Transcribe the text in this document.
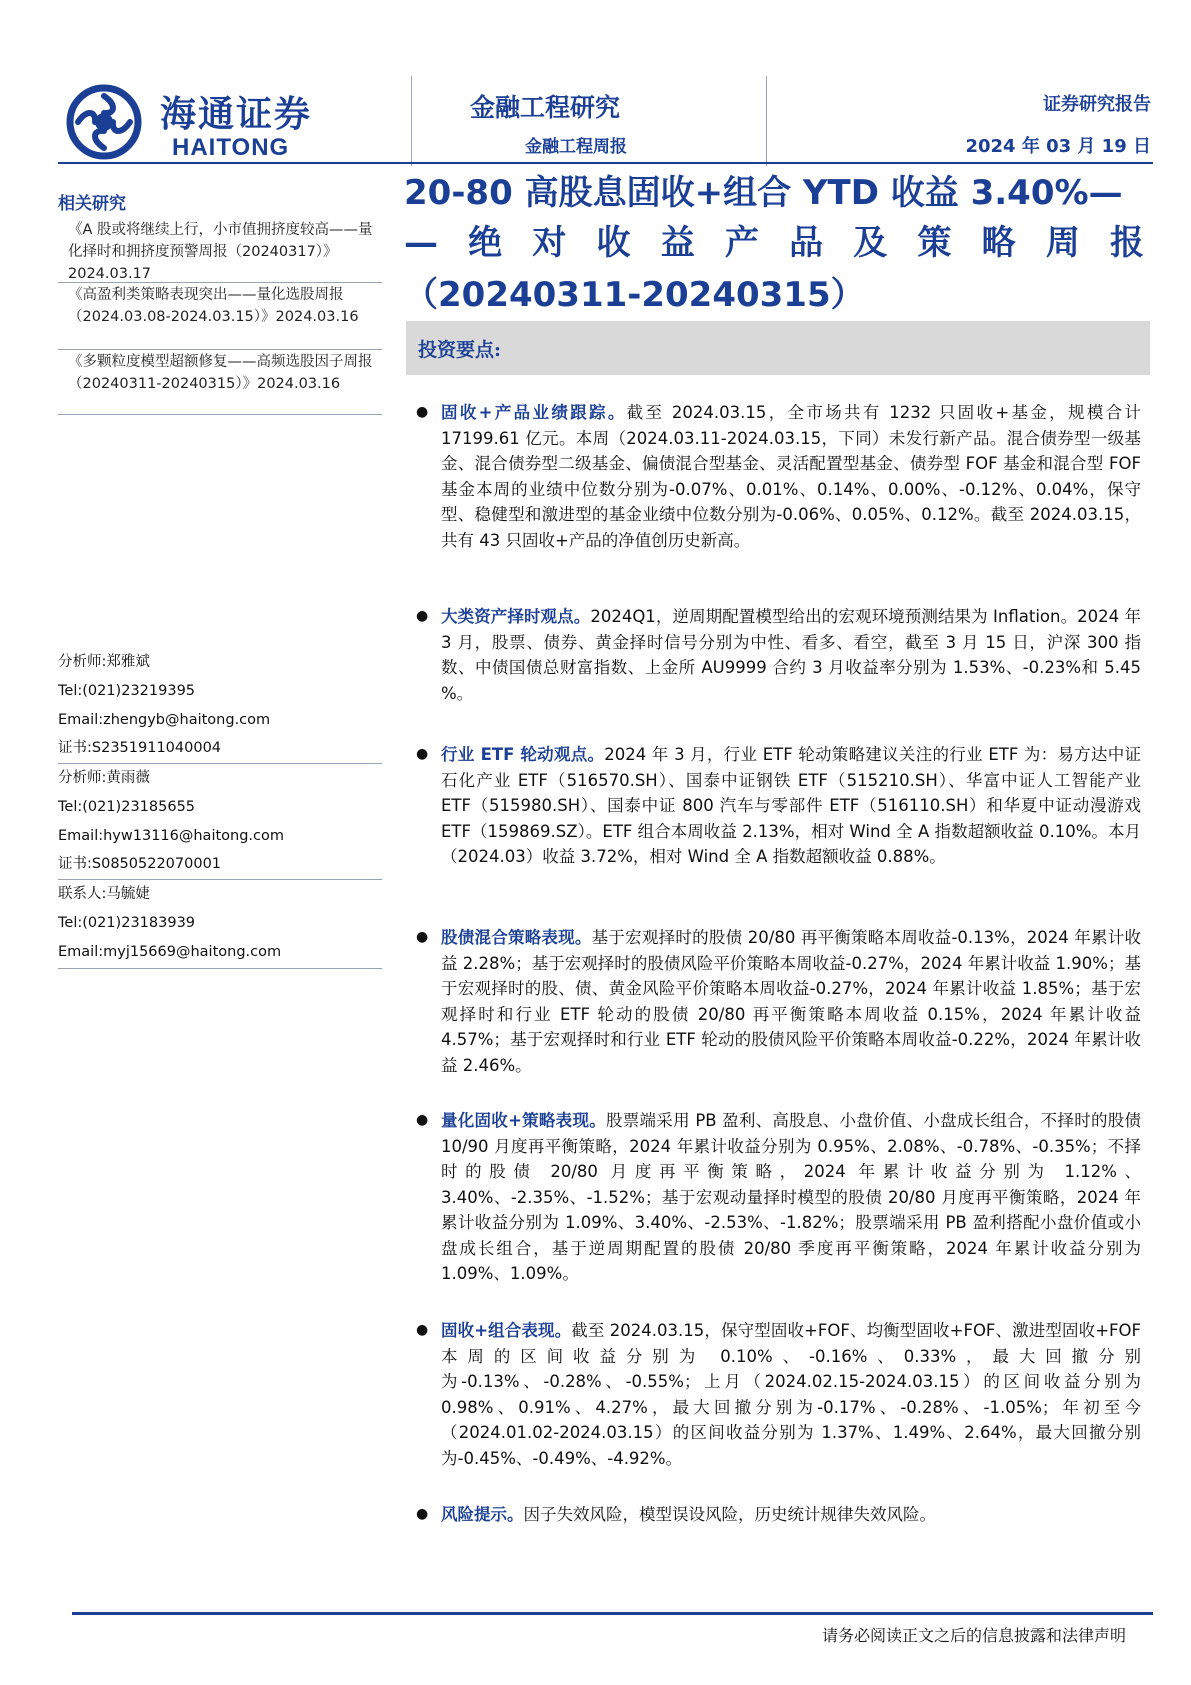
海通证券
HAITONG
金融工程研究
金融工程周报
证券研究报告
2024 年 03 月 19 日
相关研究
《A 股或将继续上行，小市值拥挤度较高——量化择时和拥挤度预警周报（20240317）》2024.03.17
《高盈利类策略表现突出——量化选股周报（2024.03.08-2024.03.15）》2024.03.16
《多颗粒度模型超额修复——高频选股因子周报（20240311-20240315）》2024.03.16
分析师:郑雅斌
Tel:(021)23219395
Email:zhengyb@haitong.com
证书:S2351911040004
分析师:黄雨薇
Tel:(021)23185655
Email:hyw13116@haitong.com
证书:S0850522070001
联系人:马毓婕
Tel:(021)23183939
Email:myj15669@haitong.com
20-80 高股息固收+组合 YTD 收益 3.40%—
—绝对收益产品及策略周报
（20240311-20240315）
投资要点:
● 固收+产品业绩跟踪。截至 2024.03.15，全市场共有 1232 只固收+基金，规模合计 17199.61 亿元。本周（2024.03.11-2024.03.15，下同）未发行新产品。混合债券型一级基金、混合债券型二级基金、偏债混合型基金、灵活配置型基金、债券型 FOF 基金和混合型 FOF 基金本周的业绩中位数分别为-0.07%、0.01%、0.14%、0.00%、-0.12%、0.04%，保守型、稳健型和激进型的基金业绩中位数分别为-0.06%、0.05%、0.12%。截至 2024.03.15，共有 43 只固收+产品的净值创历史新高。
● 大类资产择时观点。2024Q1，逆周期配置模型给出的宏观环境预测结果为 Inflation。2024 年 3 月，股票、债券、黄金择时信号分别为中性、看多、看空，截至 3 月 15 日，沪深 300 指数、中债国债总财富指数、上金所 AU9999 合约 3 月收益率分别为 1.53%、-0.23%和 5.45 %。
● 行业 ETF 轮动观点。2024 年 3 月，行业 ETF 轮动策略建议关注的行业 ETF 为：易方达中证石化产业 ETF（516570.SH）、国泰中证钢铁 ETF（515210.SH）、华富中证人工智能产业 ETF（515980.SH）、国泰中证 800 汽车与零部件 ETF（516110.SH）和华夏中证动漫游戏 ETF（159869.SZ）。ETF 组合本周收益 2.13%，相对 Wind 全 A 指数超额收益 0.10%。本月（2024.03）收益 3.72%，相对 Wind 全 A 指数超额收益 0.88%。
● 股债混合策略表现。基于宏观择时的股债 20/80 再平衡策略本周收益-0.13%，2024 年累计收益 2.28%；基于宏观择时的股债风险平价策略本周收益-0.27%，2024 年累计收益 1.90%；基于宏观择时的股、债、黄金风险平价策略本周收益-0.27%，2024 年累计收益 1.85%；基于宏观择时和行业 ETF 轮动的股债 20/80 再平衡策略本周收益 0.15%，2024 年累计收益 4.57%；基于宏观择时和行业 ETF 轮动的股债风险平价策略本周收益-0.22%，2024 年累计收益 2.46%。
● 量化固收+策略表现。股票端采用 PB 盈利、高股息、小盘价值、小盘成长组合，不择时的股债 10/90 月度再平衡策略，2024 年累计收益分别为 0.95%、2.08%、-0.78%、-0.35%；不择时的股债 20/80 月度再平衡策略，2024 年累计收益分别为 1.12%、3.40%、-2.35%、-1.52%；基于宏观动量择时模型的股债 20/80 月度再平衡策略，2024 年累计收益分别为 1.09%、3.40%、-2.53%、-1.82%；股票端采用 PB 盈利搭配小盘价值或小盘成长组合，基于逆周期配置的股债 20/80 季度再平衡策略，2024 年累计收益分别为 1.09%、1.09%。
● 固收+组合表现。截至 2024.03.15，保守型固收+FOF、均衡型固收+FOF、激进型固收+FOF 本周的区间收益分别为 0.10%、-0.16%、0.33%，最大回撤分别为-0.13%、-0.28%、-0.55%；上月（2024.02.15-2024.03.15）的区间收益分别为 0.98%、0.91%、4.27%，最大回撤分别为-0.17%、-0.28%、-1.05%；年初至今（2024.01.02-2024.03.15）的区间收益分别为 1.37%、1.49%、2.64%，最大回撤分别为-0.45%、-0.49%、-4.92%。
● 风险提示。因子失效风险，模型误设风险，历史统计规律失效风险。
请务必阅读正文之后的信息披露和法律声明
